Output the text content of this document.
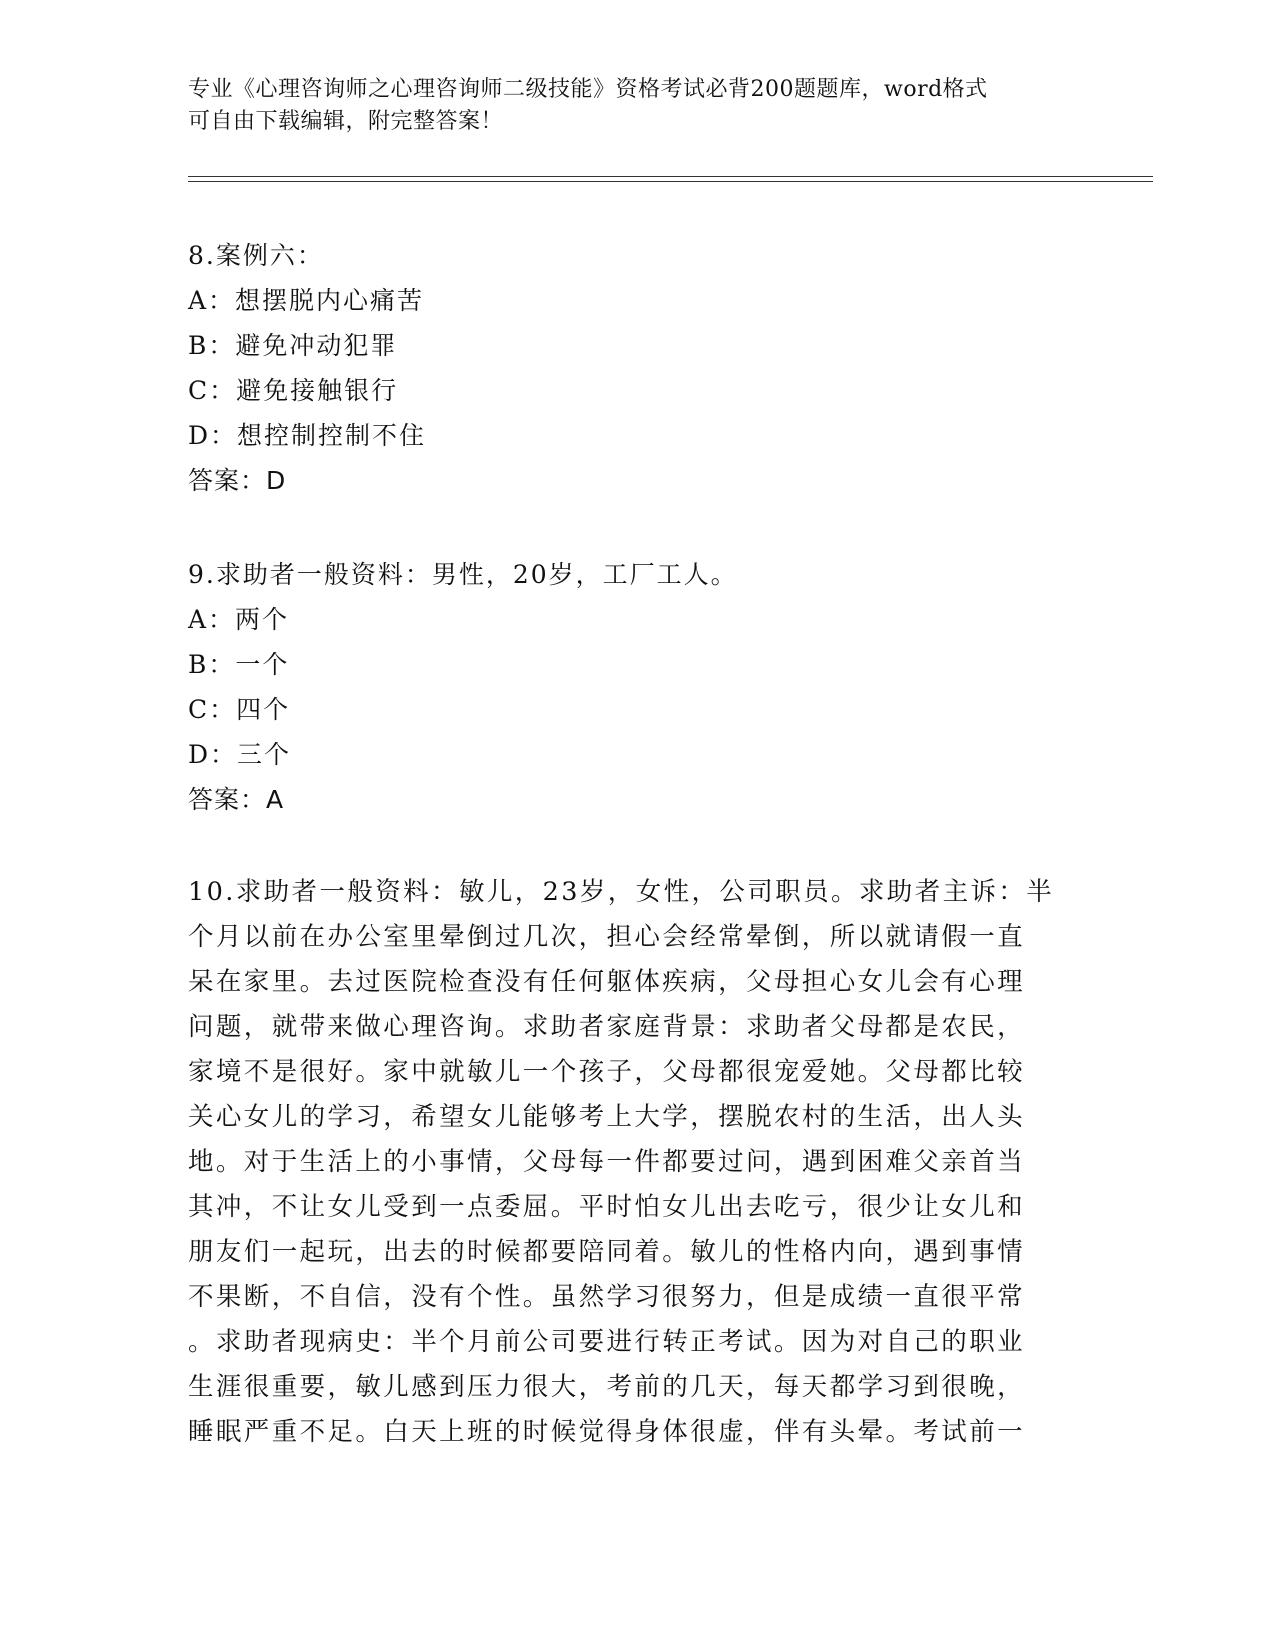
专业《心理咨询师之心理咨询师二级技能》资格考试必背200题题库，word格式
可自由下载编辑，附完整答案！
8.案例六：
A：想摆脱内心痛苦
B：避免冲动犯罪
C：避免接触银行
D：想控制控制不住
答案：D
9.求助者一般资料：男性，20岁，工厂工人。
A：两个
B：一个
C：四个
D：三个
答案：A
10.求助者一般资料：敏儿，23岁，女性，公司职员。求助者主诉：半
个月以前在办公室里晕倒过几次，担心会经常晕倒，所以就请假一直
呆在家里。去过医院检查没有任何躯体疾病，父母担心女儿会有心理
问题，就带来做心理咨询。求助者家庭背景：求助者父母都是农民，
家境不是很好。家中就敏儿一个孩子，父母都很宠爱她。父母都比较
关心女儿的学习，希望女儿能够考上大学，摆脱农村的生活，出人头
地。对于生活上的小事情，父母每一件都要过问，遇到困难父亲首当
其冲，不让女儿受到一点委屈。平时怕女儿出去吃亏，很少让女儿和
朋友们一起玩，出去的时候都要陪同着。敏儿的性格内向，遇到事情
不果断，不自信，没有个性。虽然学习很努力，但是成绩一直很平常
。求助者现病史：半个月前公司要进行转正考试。因为对自己的职业
生涯很重要，敏儿感到压力很大，考前的几天，每天都学习到很晚，
睡眠严重不足。白天上班的时候觉得身体很虚，伴有头晕。考试前一
